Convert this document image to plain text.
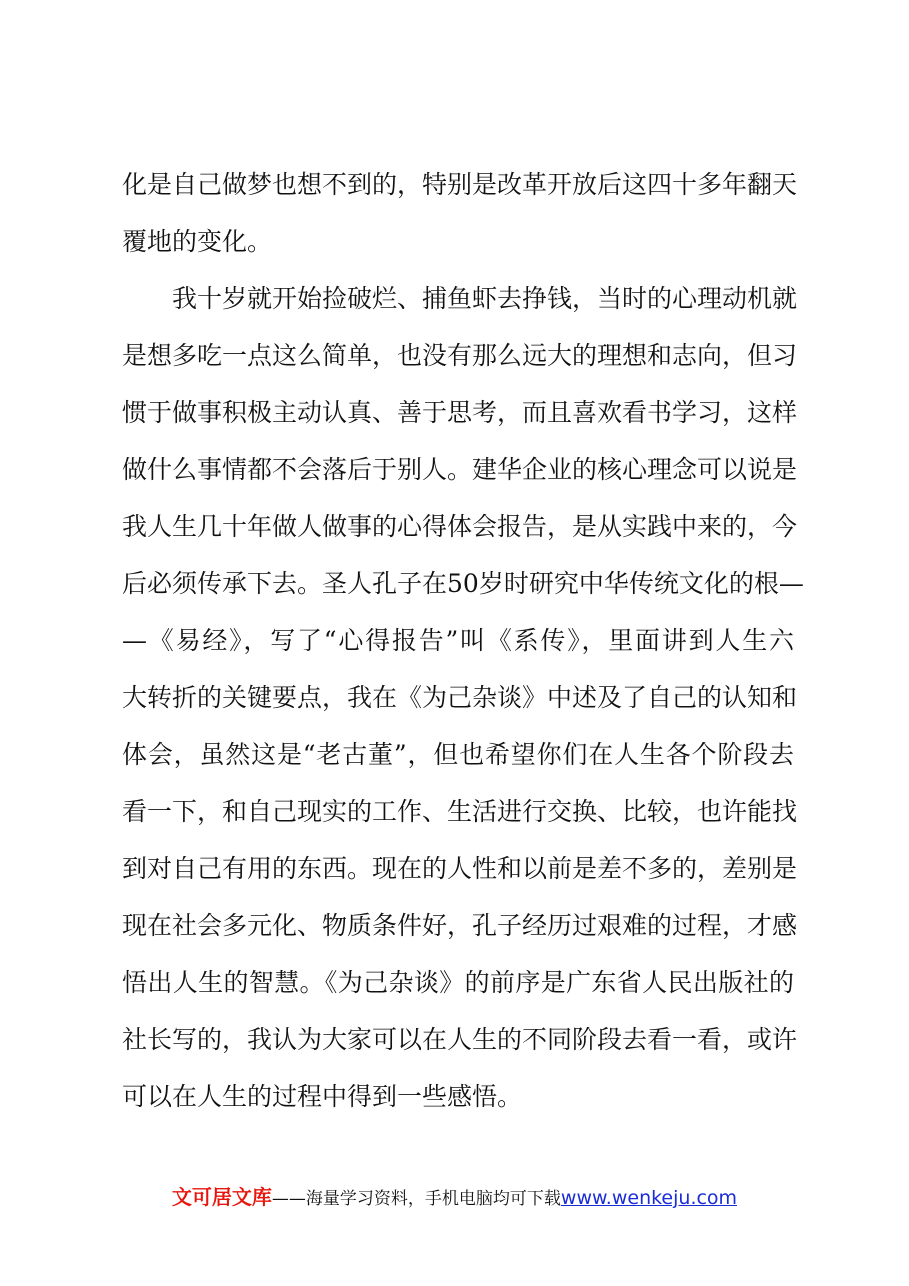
化是自己做梦也想不到的，特别是改革开放后这四十多年翻天
覆地的变化。
我十岁就开始捡破烂、捕鱼虾去挣钱，当时的心理动机就
是想多吃一点这么简单，也没有那么远大的理想和志向，但习
惯于做事积极主动认真、善于思考，而且喜欢看书学习，这样
做什么事情都不会落后于别人。建华企业的核心理念可以说是
我人生几十年做人做事的心得体会报告，是从实践中来的，今
后必须传承下去。圣人孔子在50岁时研究中华传统文化的根—
—《易经》，写了“心得报告”叫《系传》，里面讲到人生六
大转折的关键要点，我在《为己杂谈》中述及了自己的认知和
体会，虽然这是“老古董”，但也希望你们在人生各个阶段去
看一下，和自己现实的工作、生活进行交换、比较，也许能找
到对自己有用的东西。现在的人性和以前是差不多的，差别是
现在社会多元化、物质条件好，孔子经历过艰难的过程，才感
悟出人生的智慧。《为己杂谈》的前序是广东省人民出版社的
社长写的，我认为大家可以在人生的不同阶段去看一看，或许
可以在人生的过程中得到一些感悟。
文可居文库——海量学习资料，手机电脑均可下载www.wenkeju.com
